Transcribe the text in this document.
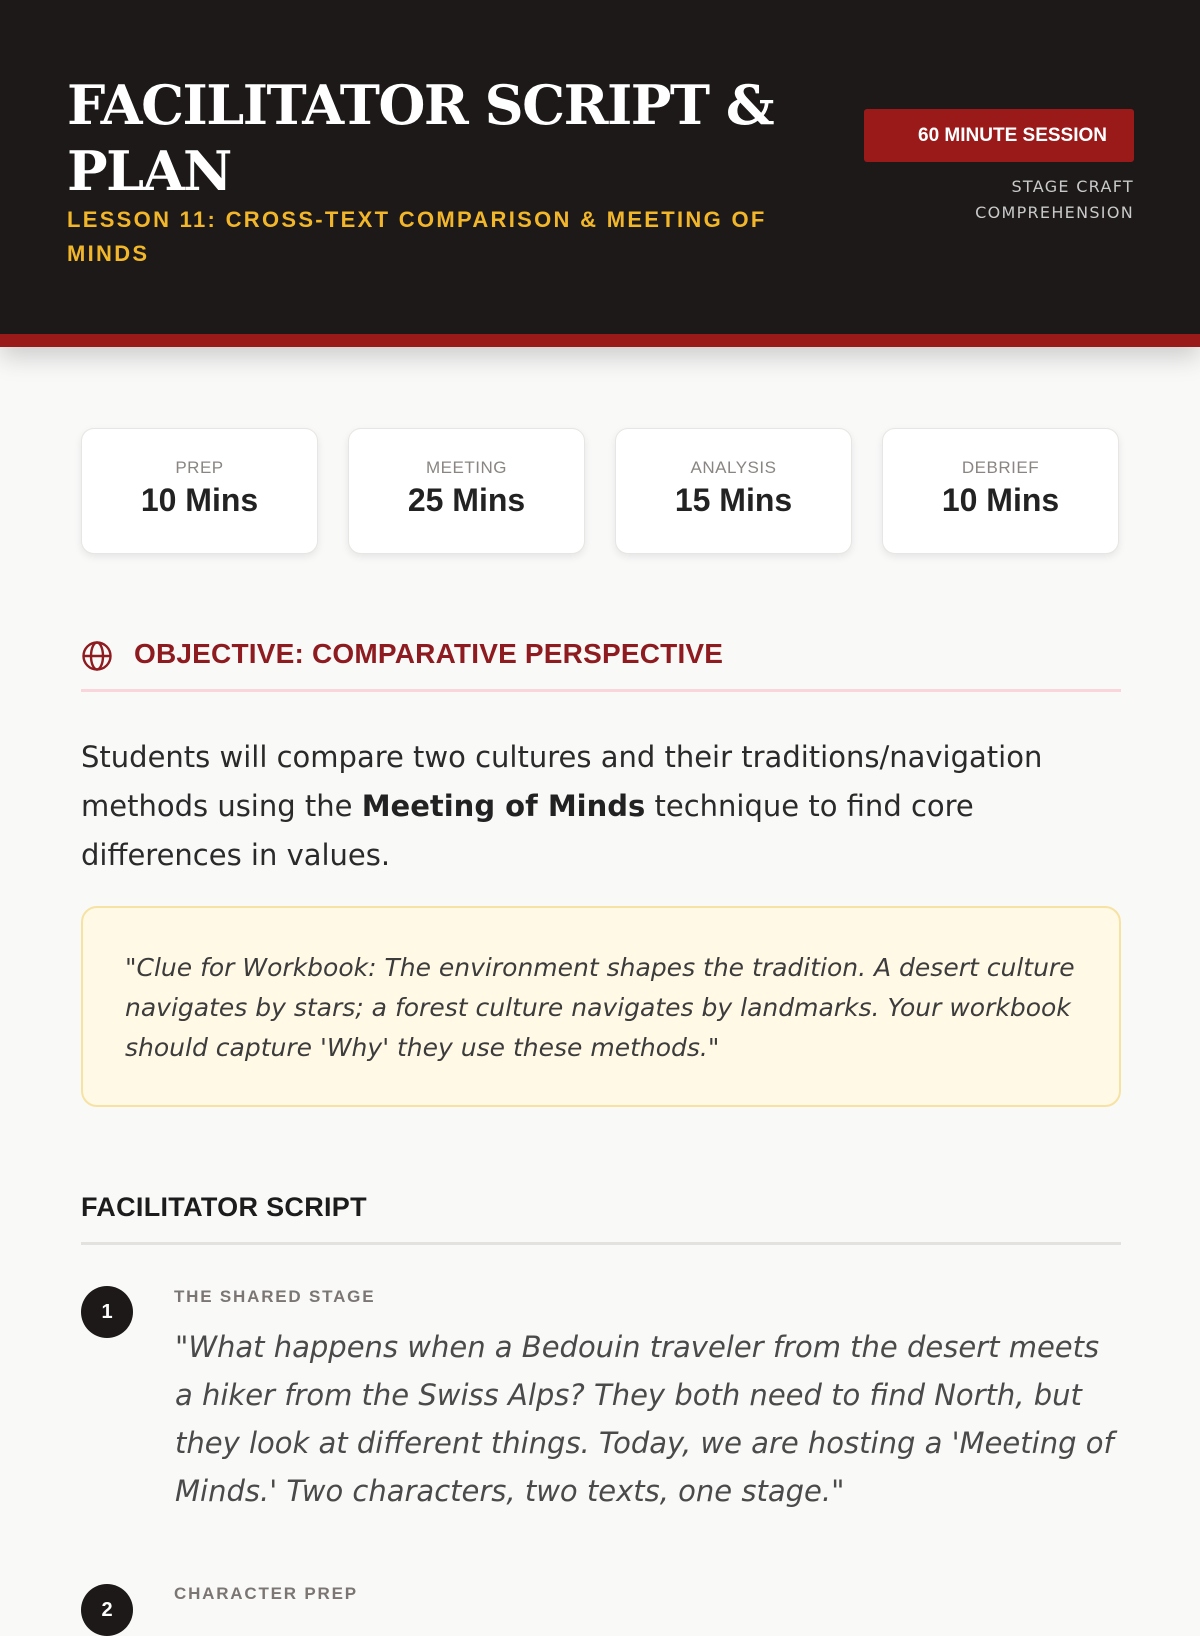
FACILITATOR SCRIPT & PLAN
LESSON 11: CROSS-TEXT COMPARISON & MEETING OF MINDS
60 MINUTE SESSION
STAGE CRAFT COMPREHENSION
PREP
10 Mins
MEETING
25 Mins
ANALYSIS
15 Mins
DEBRIEF
10 Mins
OBJECTIVE: COMPARATIVE PERSPECTIVE

Students will compare two cultures and their traditions/navigation methods using the Meeting of Minds technique to find core differences in values.

"Clue for Workbook: The environment shapes the tradition. A desert culture navigates by stars; a forest culture navigates by landmarks. Your workbook should capture 'Why' they use these methods."
FACILITATOR SCRIPT
1
THE SHARED STAGE
"What happens when a Bedouin traveler from the desert meets a hiker from the Swiss Alps? They both need to find North, but they look at different things. Today, we are hosting a 'Meeting of Minds.' Two characters, two texts, one stage."
2
CHARACTER PREP
